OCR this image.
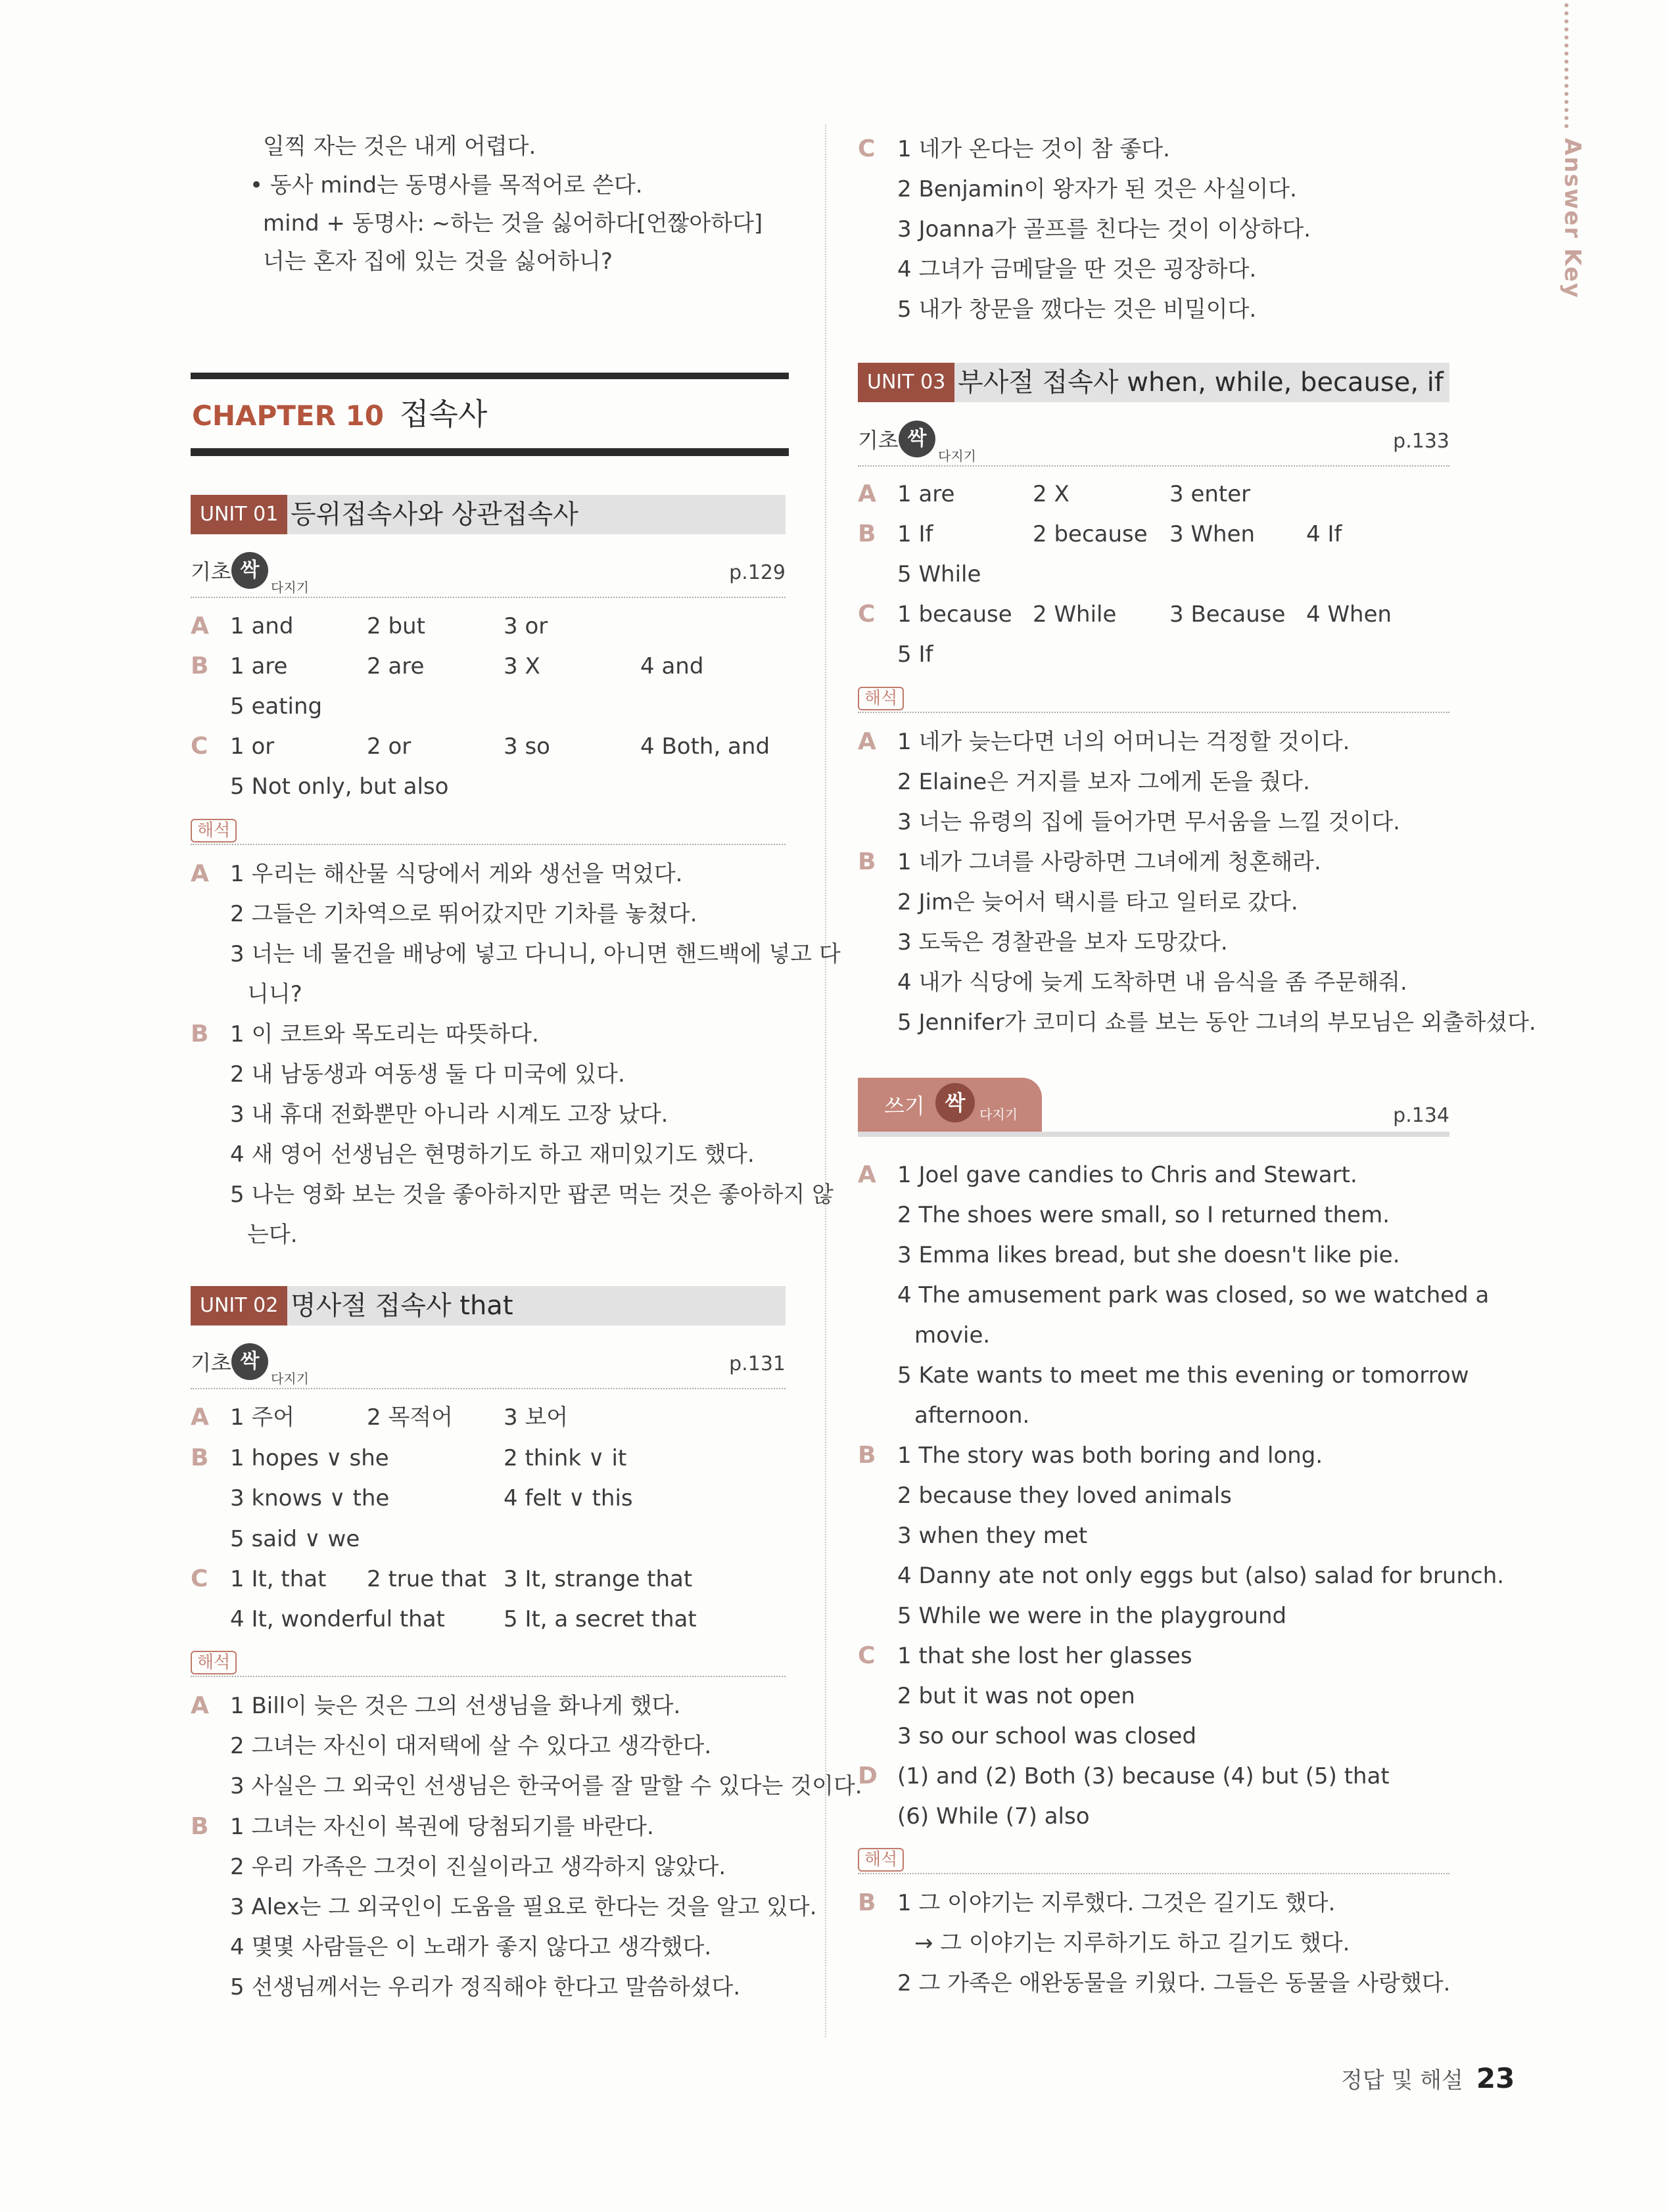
Answer Key
일찍 자는 것은 내게 어렵다.
• 동사 mind는 동명사를 목적어로 쓴다.
mind + 동명사: ~하는 것을 싫어하다[언짢아하다]
너는 혼자 집에 있는 것을 싫어하니?
CHAPTER 10 접속사
UNIT 01 등위접속사와 상관접속사
기초 싹
다지기
p.129
A 1 and	2 but	3 or
B 1 are	2 are	3 X	4 and
5 eating
C 1 or	2 or	3 so	4 Both, and
5 Not only, but also
해석
A 1 우리는 해산물 식당에서 게와 생선을 먹었다.
2 그들은 기차역으로 뛰어갔지만 기차를 놓쳤다.
3 너는 네 물건을 배낭에 넣고 다니니, 아니면 핸드백에 넣고 다
니니?
B 1 이 코트와 목도리는 따뜻하다.
2 내 남동생과 여동생 둘 다 미국에 있다.
3 내 휴대 전화뿐만 아니라 시계도 고장 났다.
4 새 영어 선생님은 현명하기도 하고 재미있기도 했다.
5 나는 영화 보는 것을 좋아하지만 팝콘 먹는 것은 좋아하지 않
는다.
UNIT 02 명사절 접속사 that
기초 싹
다지기
p.131
A 1 주어	2 목적어 3 보어
B 1 hopes ∨ she	2 think ∨ it
3 knows ∨ the	4 felt ∨ this
5 said ∨ we
C 1 It, that 2 true that 3 It, strange that
4 It, wonderful that	5 It, a secret that
해석
A 1 Bill이 늦은 것은 그의 선생님을 화나게 했다.
2 그녀는 자신이 대저택에 살 수 있다고 생각한다.
3 사실은 그 외국인 선생님은 한국어를 잘 말할 수 있다는 것이다.
B 1 그녀는 자신이 복권에 당첨되기를 바란다.
2 우리 가족은 그것이 진실이라고 생각하지 않았다.
3 Alex는 그 외국인이 도움을 필요로 한다는 것을 알고 있다.
4 몇몇 사람들은 이 노래가 좋지 않다고 생각했다.
5 선생님께서는 우리가 정직해야 한다고 말씀하셨다.
C 1 네가 온다는 것이 참 좋다.
2 Benjamin이 왕자가 된 것은 사실이다.
3 Joanna가 골프를 친다는 것이 이상하다.
4 그녀가 금메달을 딴 것은 굉장하다.
5 내가 창문을 깼다는 것은 비밀이다.
UNIT 03 부사절 접속사 when, while, because, if
기초 싹
다지기
p.133
A 1 are	2 X	3 enter
B 1 If	2 because 3 When 4 If
5 While
C 1 because 2 While 3 Because 4 When
5 If
해석
A 1 네가 늦는다면 너의 어머니는 걱정할 것이다.
2 Elaine은 거지를 보자 그에게 돈을 줬다.
3 너는 유령의 집에 들어가면 무서움을 느낄 것이다.
B 1 네가 그녀를 사랑하면 그녀에게 청혼해라.
2 Jim은 늦어서 택시를 타고 일터로 갔다.
3 도둑은 경찰관을 보자 도망갔다.
4 내가 식당에 늦게 도착하면 내 음식을 좀 주문해줘.
5 Jennifer가 코미디 쇼를 보는 동안 그녀의 부모님은 외출하셨다.
쓰기 싹	다지기	p.134
A 1 Joel gave candies to Chris and Stewart.
2 The shoes were small, so I returned them.
3 Emma likes bread, but she doesn't like pie.
4 The amusement park was closed, so we watched a
movie.
5 Kate wants to meet me this evening or tomorrow
afternoon.
B 1 The story was both boring and long.
2 because they loved animals
3 when they met
4 Danny ate not only eggs but (also) salad for brunch.
5 While we were in the playground
C 1 that she lost her glasses
2 but it was not open
3 so our school was closed
D (1) and (2) Both (3) because (4) but (5) that
(6) While (7) also
해석
B 1 그 이야기는 지루했다. 그것은 길기도 했다.
→ 그 이야기는 지루하기도 하고 길기도 했다.
2 그 가족은 애완동물을 키웠다. 그들은 동물을 사랑했다.
정답 및 해설 23
